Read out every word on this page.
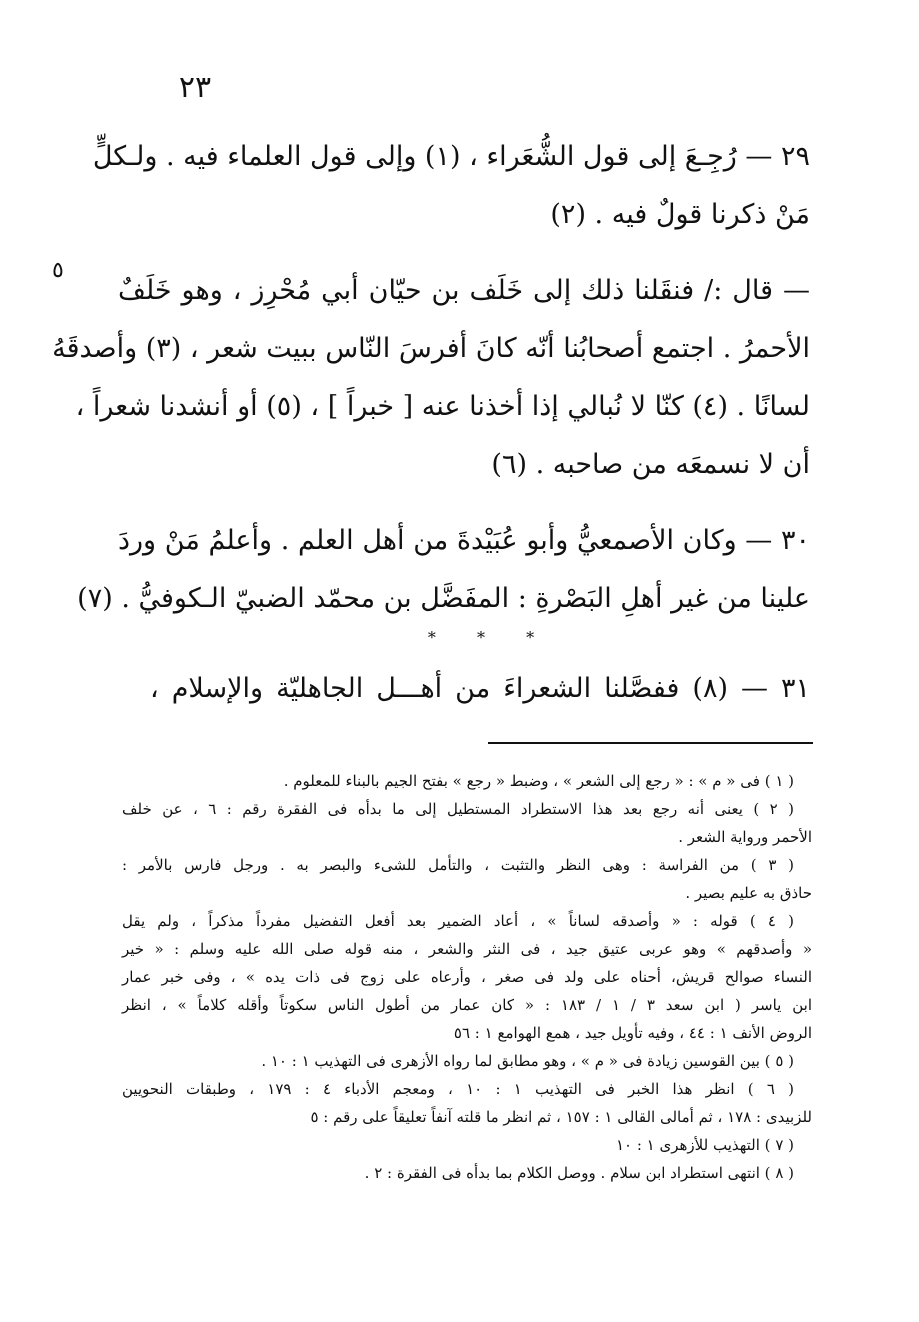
٢٣
٥
٢٩ — رُجِـعَ إلى قول الشُّعَراء ، (١) وإلى قول العلماء فيه . ولـكلٍّ
مَنْ ذكرنا قولٌ فيه . (٢)
— قال :/ فنقَلنا ذلك إلى خَلَف بن حيّان أبي مُحْرِز ، وهو خَلَفٌ
الأحمرُ . اجتمع أصحابُنا أنّه كانَ أفرسَ النّاس ببيت شعر ، (٣) وأصدقَهُ
لسانًا . (٤) كنّا لا نُبالي إذا أخذنا عنه [ خبراً ] ، (٥) أو أنشدنا شعراً ،
أن لا نسمعَه من صاحبه . (٦)
٣٠ — وكان الأصمعيُّ وأبو عُبَيْدةَ من أهل العلم . وأعلمُ مَنْ وردَ
علينا من غير أهلِ البَصْرةِ : المفَضَّل بن محمّد الضبيّ الـكوفيُّ . (٧)
* * *
٣١ — (٨) ففصَّلنا الشعراءَ من أهـــل الجاهليّة والإسلام ،
( ١ ) فى « م » : « رجع إلى الشعر » ، وضبط « رجع » بفتح الجيم بالبناء للمعلوم .
( ٢ ) يعنى أنه رجع بعد هذا الاستطراد المستطيل إلى ما بدأه فى الفقرة رقم : ٦ ، عن خلف
الأحمر ورواية الشعر .
( ٣ ) من الفراسة : وهى النظر والتثبت ، والتأمل للشىء والبصر به . ورجل فارس بالأمر :
حاذق به عليم بصير .
( ٤ ) قوله : « وأصدقه لساناً » ، أعاد الضمير بعد أفعل التفضيل مفرداً مذكراً ، ولم يقل
« وأصدقهم » وهو عربى عتيق جيد ، فى النثر والشعر ، منه قوله صلى الله عليه وسلم : « خير
النساء صوالح قريش، أحناه على ولد فى صغر ، وأرعاه على زوج فى ذات يده » ، وفى خبر عمار
ابن ياسر ( ابن سعد ٣ / ١ / ١٨٣ : « كان عمار من أطول الناس سكوتاً وأقله كلاماً » ، انظر
الروض الأنف ١ : ٤٤ ، وفيه تأويل جيد ، همع الهوامع ١ : ٥٦
( ٥ ) بين القوسين زيادة فى « م » ، وهو مطابق لما رواه الأزهرى فى التهذيب ١ : ١٠ .
( ٦ ) انظر هذا الخبر فى التهذيب ١ : ١٠ ، ومعجم الأدباء ٤ : ١٧٩ ، وطبقات النحويين
للزبيدى : ١٧٨ ، ثم أمالى القالى ١ : ١٥٧ ، ثم انظر ما قلته آنفاً تعليقاً على رقم : ٥
( ٧ ) التهذيب للأزهرى ١ : ١٠
( ٨ ) انتهى استطراد ابن سلام . ووصل الكلام بما بدأه فى الفقرة : ٢ .
